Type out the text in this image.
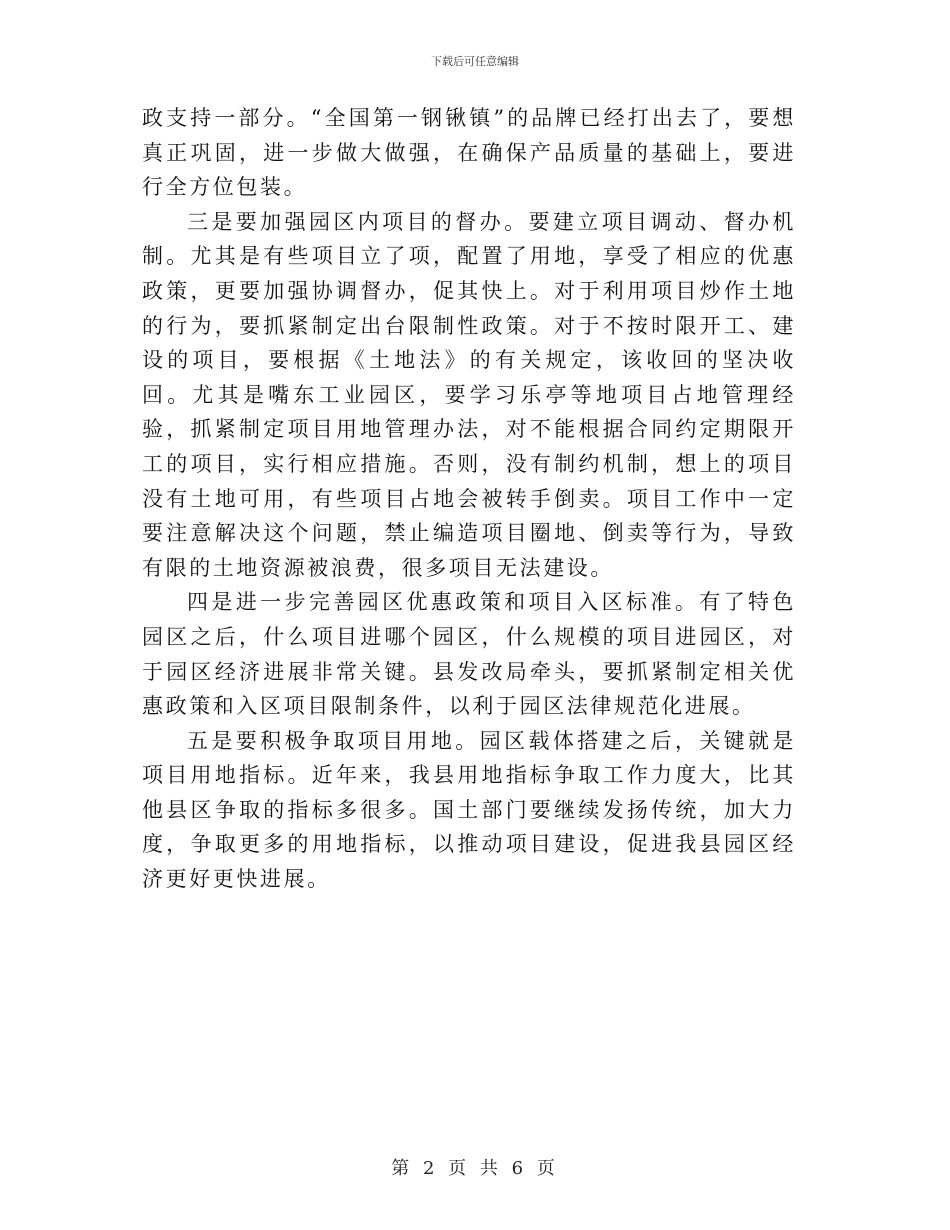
下载后可任意编辑

政支持一部分。“全国第一钢锹镇”的品牌已经打出去了，要想真正巩固，进一步做大做强，在确保产品质量的基础上，要进行全方位包装。

三是要加强园区内项目的督办。要建立项目调动、督办机制。尤其是有些项目立了项，配置了用地，享受了相应的优惠政策，更要加强协调督办，促其快上。对于利用项目炒作土地的行为，要抓紧制定出台限制性政策。对于不按时限开工、建设的项目，要根据《土地法》的有关规定，该收回的坚决收回。尤其是嘴东工业园区，要学习乐亭等地项目占地管理经验，抓紧制定项目用地管理办法，对不能根据合同约定期限开工的项目，实行相应措施。否则，没有制约机制，想上的项目没有土地可用，有些项目占地会被转手倒卖。项目工作中一定要注意解决这个问题，禁止编造项目圈地、倒卖等行为，导致有限的土地资源被浪费，很多项目无法建设。

四是进一步完善园区优惠政策和项目入区标准。有了特色园区之后，什么项目进哪个园区，什么规模的项目进园区，对于园区经济进展非常关键。县发改局牵头，要抓紧制定相关优惠政策和入区项目限制条件，以利于园区法律规范化进展。

五是要积极争取项目用地。园区载体搭建之后，关键就是项目用地指标。近年来，我县用地指标争取工作力度大，比其他县区争取的指标多很多。国土部门要继续发扬传统，加大力度，争取更多的用地指标，以推动项目建设，促进我县园区经济更好更快进展。

第 2 页 共 6 页
